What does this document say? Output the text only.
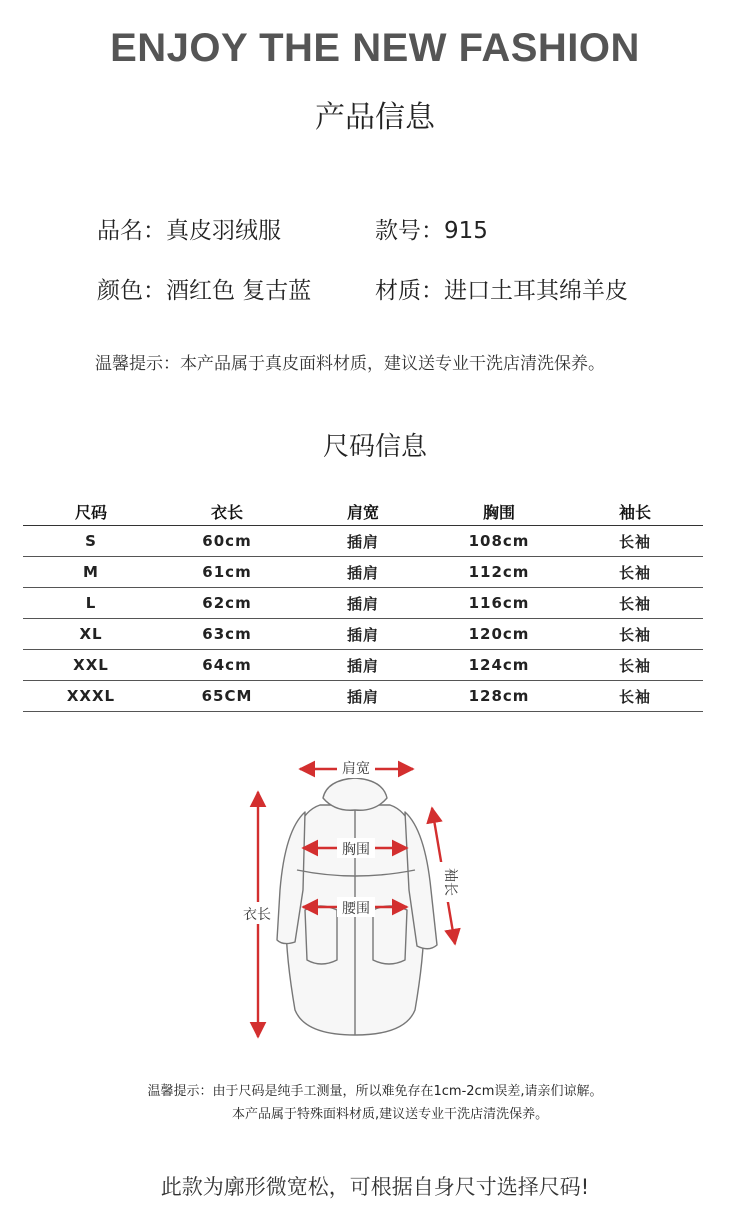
ENJOY THE NEW FASHION
产品信息
品名：真皮羽绒服	款号：915
颜色：酒红色 复古蓝	材质：进口土耳其绵羊皮
温馨提示：本产品属于真皮面料材质，建议送专业干洗店清洗保养。
尺码信息
尺码	衣长	肩宽	胸围	袖长
S	60cm	插肩	108cm	长袖
M	61cm	插肩	112cm	长袖
L	62cm	插肩	116cm	长袖
XL	63cm	插肩	120cm	长袖
XXL	64cm	插肩	124cm	长袖
XXXL	65CM	插肩	128cm	长袖
肩宽
胸围
腰围
衣长
袖长
温馨提示：由于尺码是纯手工测量，所以难免存在1cm-2cm误差,请亲们谅解。
本产品属于特殊面料材质,建议送专业干洗店清洗保养。
此款为廓形微宽松，可根据自身尺寸选择尺码!
